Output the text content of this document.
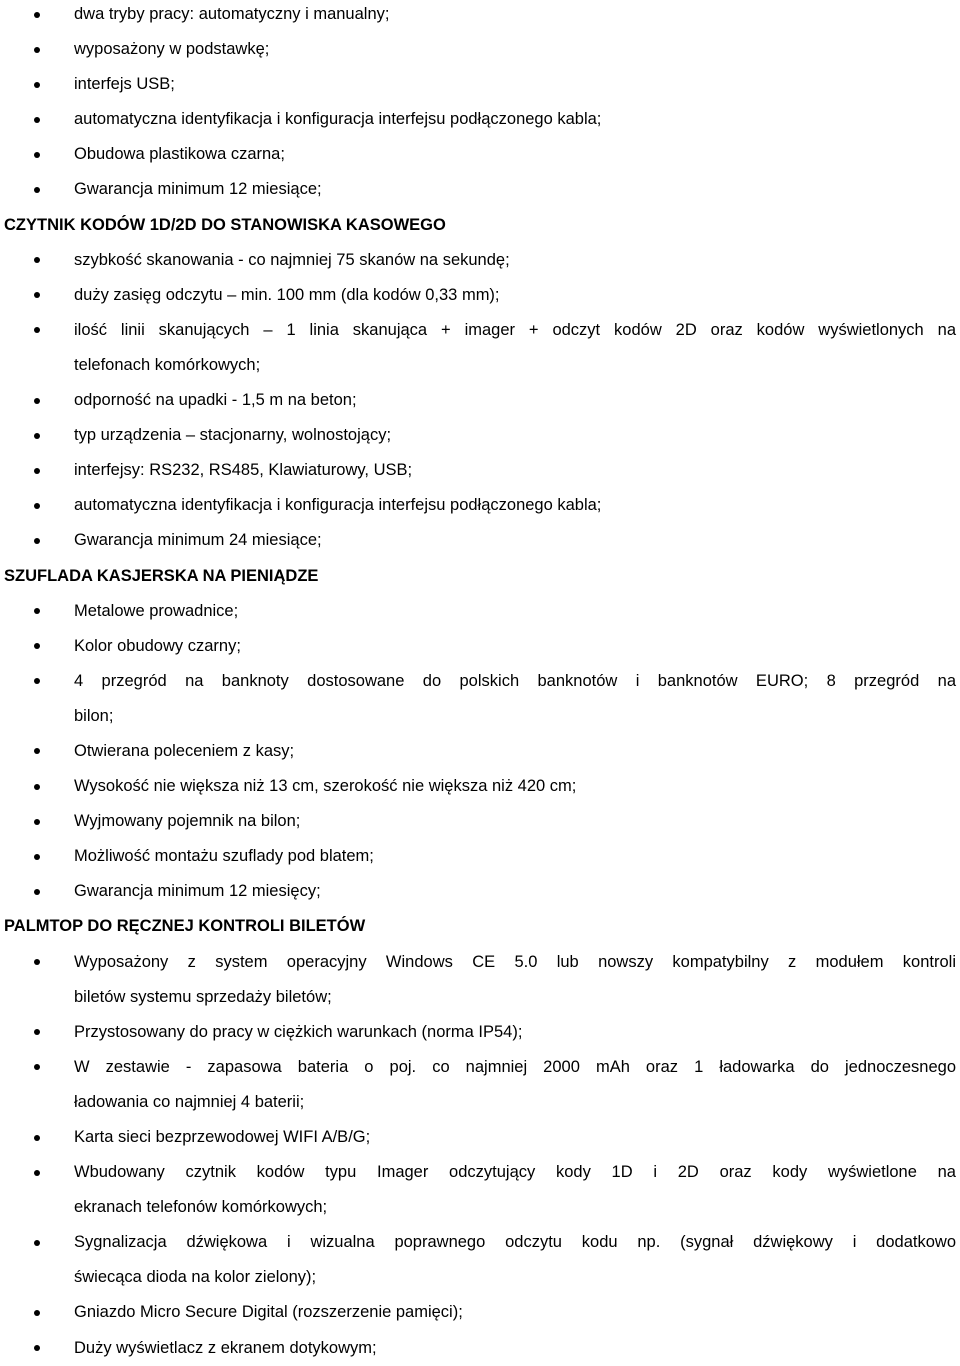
dwa tryby pracy: automatyczny i manualny;
wyposażony w podstawkę;
interfejs USB;
automatyczna identyfikacja i konfiguracja interfejsu podłączonego kabla;
Obudowa plastikowa czarna;
Gwarancja minimum 12 miesiące;
CZYTNIK KODÓW 1D/2D DO STANOWISKA KASOWEGO
szybkość skanowania - co najmniej 75 skanów na sekundę;
duży zasięg odczytu – min. 100 mm (dla kodów 0,33 mm);
ilość linii skanujących – 1 linia skanująca + imager + odczyt kodów 2D oraz kodów wyświetlonych na
telefonach komórkowych;
odporność na upadki - 1,5 m na beton;
typ urządzenia – stacjonarny, wolnostojący;
interfejsy: RS232, RS485, Klawiaturowy, USB;
automatyczna identyfikacja i konfiguracja interfejsu podłączonego kabla;
Gwarancja minimum 24 miesiące;
SZUFLADA KASJERSKA NA PIENIĄDZE
Metalowe prowadnice;
Kolor obudowy czarny;
4 przegród na banknoty dostosowane do polskich banknotów i banknotów EURO; 8 przegród na
bilon;
Otwierana poleceniem z kasy;
Wysokość nie większa niż 13 cm, szerokość nie większa niż 420 cm;
Wyjmowany pojemnik na bilon;
Możliwość montażu szuflady pod blatem;
Gwarancja minimum 12 miesięcy;
PALMTOP DO RĘCZNEJ KONTROLI BILETÓW
Wyposażony z system operacyjny Windows CE 5.0 lub nowszy kompatybilny z modułem kontroli
biletów systemu sprzedaży biletów;
Przystosowany do pracy w ciężkich warunkach (norma IP54);
W zestawie - zapasowa bateria o poj. co najmniej 2000 mAh oraz 1 ładowarka do jednoczesnego
ładowania co najmniej 4 baterii;
Karta sieci bezprzewodowej WIFI A/B/G;
Wbudowany czytnik kodów typu Imager odczytujący kody 1D i 2D oraz kody wyświetlone na
ekranach telefonów komórkowych;
Sygnalizacja dźwiękowa i wizualna poprawnego odczytu kodu np. (sygnał dźwiękowy i dodatkowo
świecąca dioda na kolor zielony);
Gniazdo Micro Secure Digital (rozszerzenie pamięci);
Duży wyświetlacz z ekranem dotykowym;
